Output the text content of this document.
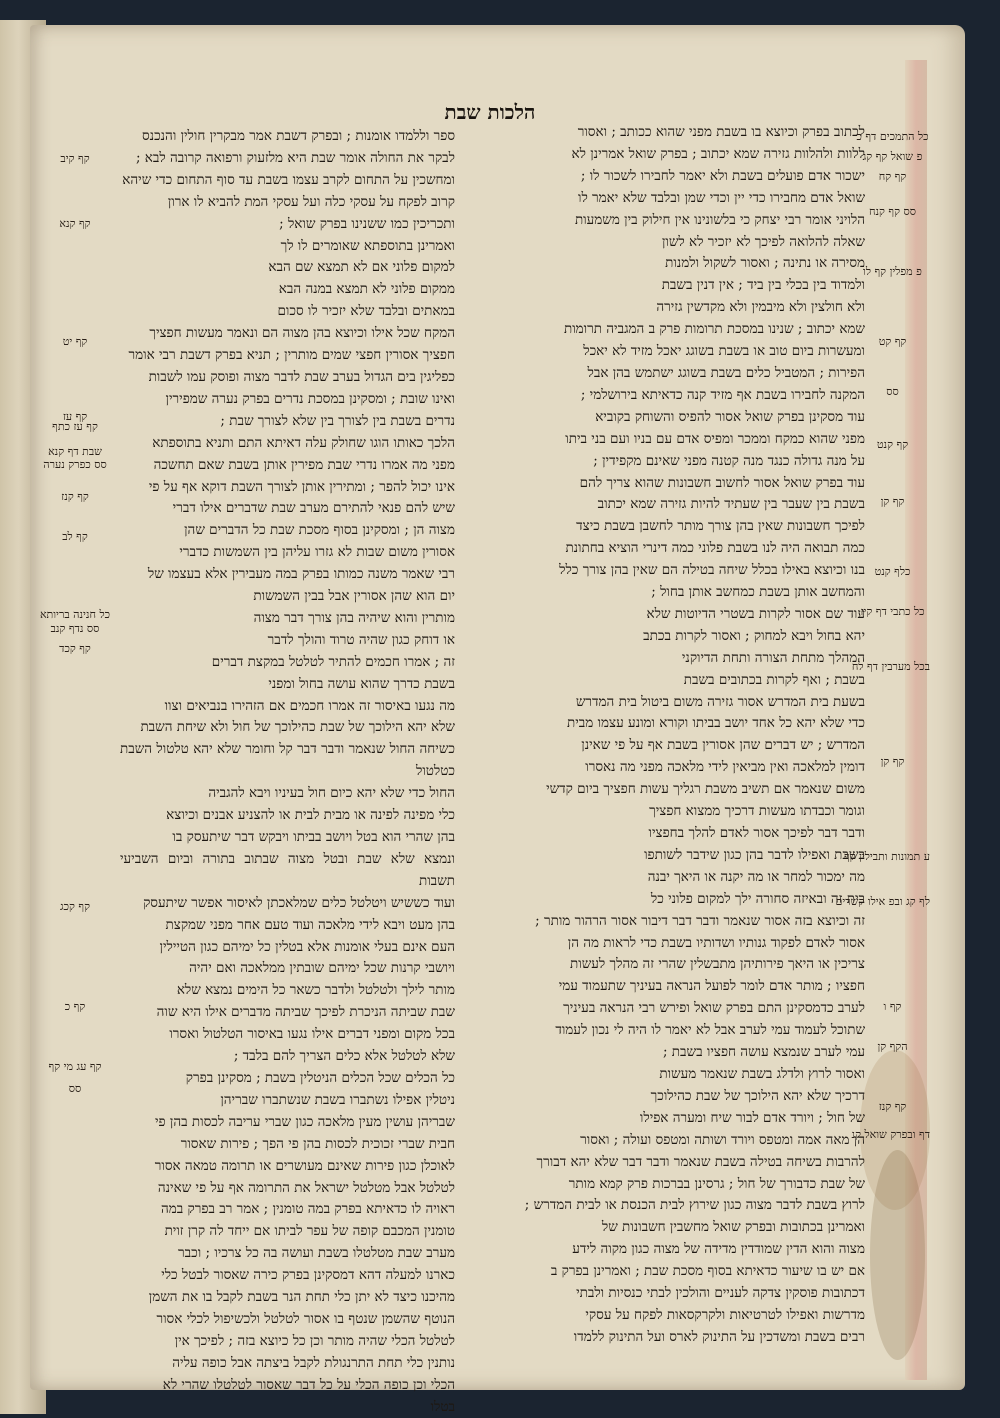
הלכות שבת

לכתוב בפרק וכיוצא בו בשבת מפני שהוא ככותב ; ואסור

ללוות ולהלוות גזירה שמא יכתוב ; בפרק שואל אמרינן לא

ישכור אדם פועלים בשבת ולא יאמר לחבירו לשכור לו ;

שואל אדם מחבירו כדי יין וכדי שמן ובלבד שלא יאמר לו

הלויני אומר רבי יצחק כי בלשונינו אין חילוק בין משמעות

שאלה להלואה לפיכך לא יזכיר לא לשון

מסירה או נתינה ; ואסור לשקול ולמנות

ולמדוד בין בכלי בין ביד ; אין דנין בשבת

ולא חולצין ולא מיבמין ולא מקדשין גזירה

שמא יכתוב ; שנינו במסכת תרומות פרק ב המגביה תרומות

ומעשרות ביום טוב או בשבת בשוגג יאכל מזיד לא יאכל

הפירות ; המטביל כלים בשבת בשוגג ישתמש בהן אבל

המקנה לחבירו בשבת אף מזיד קנה כדאיתא בירושלמי ;

עוד מסקינן בפרק שואל אסור להפיס והשוחק בקוביא

מפני שהוא כמקח וממכר ומפיס אדם עם בניו ועם בני ביתו

על מנה גדולה כנגד מנה קטנה מפני שאינם מקפידין ;

עוד בפרק שואל אסור לחשוב חשבונות שהוא צריך להם

בשבת בין שעבר בין שעתיד להיות גזירה שמא יכתוב

לפיכך חשבונות שאין בהן צורך מותר לחשבן בשבת כיצד

כמה תבואה היה לנו בשבת פלוני כמה דינרי הוציא בחתונת

בנו וכיוצא באילו בכלל שיחה בטילה הם שאין בהן צורך כלל

והמחשב אותן בשבת כמחשב אותן בחול ;

עוד שם אסור לקרות בשטרי הדיוטות שלא

יהא בחול ויבא למחוק ; ואסור לקרות בכתב

המהלך מתחת הצורה ותחת הדיוקני

בשבת ; ואף לקרות בכתובים בשבת

בשעת בית המדרש אסור גזירה משום ביטול בית המדרש

כדי שלא יהא כל אחד יושב בביתו וקורא ומונע עצמו מבית

המדרש ; יש דברים שהן אסורין בשבת אף על פי שאינן

דומין למלאכה ואין מביאין לידי מלאכה מפני מה נאסרו

משום שנאמר אם תשיב משבת רגליך עשות חפציך ביום קדשי

וגומר וכבדתו מעשות דרכיך ממצוא חפציך

ודבר דבר לפיכך אסור לאדם להלך בחפציו

בשבת ואפילו לדבר בהן כגון שידבר לשותפו

מה ימכור למחר או מה יקנה או היאך יבנה

בית זה ובאיזה סחורה ילך למקום פלוני כל

זה וכיוצא בזה אסור שנאמר ודבר דבר דיבור אסור הרהור מותר ;

אסור לאדם לפקוד גנותיו ושדותיו בשבת כדי לראות מה הן

צריכין או היאך פירותיהן מתבשלין שהרי זה מהלך לעשות

חפציו ; מותר אדם לומר לפועל הנראה בעיניך שתעמוד עמי

לערב כדמסקינן התם בפרק שואל ופירש רבי הנראה בעיניך

שתוכל לעמוד עמי לערב אבל לא יאמר לו היה לי נכון לעמוד

עמי לערב שנמצא עושה חפציו בשבת ;

ואסור לרוץ ולדלג בשבת שנאמר מעשות

דרכיך שלא יהא הילוכך של שבת כהילוכך

של חול ; ויורד אדם לבור שיח ומערה אפילו

הן מאה אמה ומטפס ויורד ושותה ומטפס ועולה ; ואסור

להרבות בשיחה בטילה בשבת שנאמר ודבר דבר שלא יהא דבורך

של שבת כדבורך של חול ; גרסינן בברכות פרק קמא מותר

לרוץ בשבת לדבר מצוה כגון שירוץ לבית הכנסת או לבית המדרש ;

ואמרינן בכתובות ובפרק שואל מחשבין חשבונות של

מצוה והוא הדין שמודדין מדידה של מצוה כגון מקוה לידע

אם יש בו שיעור כדאיתא בסוף מסכת שבת ; ואמרינן בפרק ב

דכתובות פוסקין צדקה לעניים והולכין לבתי כנסיות ולבתי

מדרשות ואפילו לטרטיאות ולקרקסאות לפקח על עסקי

רבים בשבת ומשדכין על התינוק לארס ועל התינוק ללמדו

ספר וללמדו אומנות ; ובפרק דשבת אמר מבקרין חולין והנכנס

לבקר את החולה אומר שבת היא מלזעוק ורפואה קרובה לבא ;

ומחשכין על התחום לקרב עצמו בשבת עד סוף התחום כדי שיהא

קרוב לפקח על עסקי כלה ועל עסקי המת להביא לו ארון

ותכריכין כמו ששנינו בפרק שואל ;

ואמרינן בתוספתא שאומרים לו לך

למקום פלוני אם לא תמצא שם הבא

ממקום פלוני לא תמצא במנה הבא

במאתים ובלבד שלא יזכיר לו סכום

המקח שכל אילו וכיוצא בהן מצוה הם ונאמר מעשות חפציך

חפציך אסורין חפצי שמים מותרין ; תניא בפרק דשבת רבי אומר

כפליגין בים הגדול בערב שבת לדבר מצוה ופוסק עמו לשבות

ואינו שובת ; ומסקינן במסכת נדרים בפרק נערה שמפירין

נדרים בשבת בין לצורך בין שלא לצורך שבת ;

הלכך כאותו הוגו שחולק עלה דאיתא התם ותניא בתוספתא

מפני מה אמרו נדרי שבת מפירין אותן בשבת שאם תחשכה

אינו יכול להפר ; ומתירין אותן לצורך השבת דוקא אף על פי

שיש להם פנאי להתירם מערב שבת שדברים אילו דברי

מצוה הן ; ומסקינן בסוף מסכת שבת כל הדברים שהן

אסורין משום שבות לא גזרו עליהן בין השמשות כדברי

רבי שאמר משנה כמותו בפרק במה מעבירין אלא בעצמו של

יום הוא שהן אסורין אבל בבין השמשות

מותרין והוא שיהיה בהן צורך דבר מצוה

או דוחק כגון שהיה טרוד והולך לדבר

זה ; אמרו חכמים להתיר לטלטל במקצת דברים

בשבת כדרך שהוא עושה בחול ומפני

מה נגעו באיסור זה אמרו חכמים אם הזהירו בנביאים וצוו

שלא יהא הילוכך של שבת כהילוכך של חול ולא שיחת השבת

כשיחה החול שנאמר ודבר דבר קל וחומר שלא יהא טלטול השבת כטלטול

החול כדי שלא יהא כיום חול בעיניו ויבא להגביה

כלי מפינה לפינה או מבית לבית או להצניע אבנים וכיוצא

בהן שהרי הוא בטל ויושב בביתו ויבקש דבר שיתעסק בו

ונמצא שלא שבת ובטל מצוה שבתוב בתורה וביום השביעי תשבות

ועוד כששיש ויטלטל כלים שמלאכתן לאיסור אפשר שיתעסק

בהן מעט ויבא לידי מלאכה ועוד טעם אחר מפני שמקצת

העם אינם בעלי אומנות אלא בטלין כל ימיהם כגון הטיילין

ויושבי קרנות שכל ימיהם שובתין ממלאכה ואם יהיה

מותר לילך ולטלטל ולדבר כשאר כל הימים נמצא שלא

שבת שביתה הניכרת לפיכך שביתה מדברים אילו היא שוה

בכל מקום ומפני דברים אילו נגעו באיסור הטלטול ואסרו

שלא לטלטל אלא כלים הצריך להם בלבד ;

כל הכלים שכל הכלים הניטלין בשבת ; מסקינן בפרק

ניטלין אפילו נשתברו בשבת שנשתברו שבריהן

שבריהן עושין מעין מלאכה כגון שברי עריבה לכסות בהן פי

חבית שברי זכוכית לכסות בהן פי הפך ; פירות שאסור

לאוכלן כגון פירות שאינם מעושרים או תרומה טמאה אסור

לטלטל אבל מטלטל ישראל את התרומה אף על פי שאינה

ראויה לו כדאיתא בפרק במה טומנין ; אמר רב בפרק במה

טומנין המכבם קופה של עפר לביתו אם ייחד לה קרן זוית

מערב שבת מטלטלו בשבת ועושה בה כל צרכיו ; וכבר

כארנו למעלה דהא דמסקינן בפרק כירה שאסור לבטל כלי

מהיכנו כיצד לא יתן כלי תחת הנר בשבת לקבל בו את השמן

הנוטף שהשמן שנטף בו אסור לטלטל ולכשיפול לכלי אסור

לטלטל הכלי שהיה מותר וכן כל כיוצא בזה ; לפיכך אין

נותנין כלי תחת התרנגולת לקבל ביצתה אבל כופה עליה

הכלי וכן כופה הכלי על כל דבר שאסור לטלטלו שהרי לא

בטלו

כל התמכים דף כ
פ שואל קף קג
קף קח
סס קף קנח
פ מפלין קף לו
קף קט
סס
קף קנט
קף קן
כלף קנט
כל כתבי דף קיז
בכל מערבין דף לח
קף קן
ע תמונות ותבילין קף
לף קג ובפ אילו קשרים
קף ו
הקף קן
קף קנז
דף ובפרק שואל קנ
קף קיב
קף קנא
קף יט
קף עז
קף עז כתף
שבת דף קנא
סס כפרק נערה
קף קנז
קף לב
כל חנינה בריותא
סס נדף קנב
קף קכד
קף קכג
קף כ
קף עג מי קף
סס
